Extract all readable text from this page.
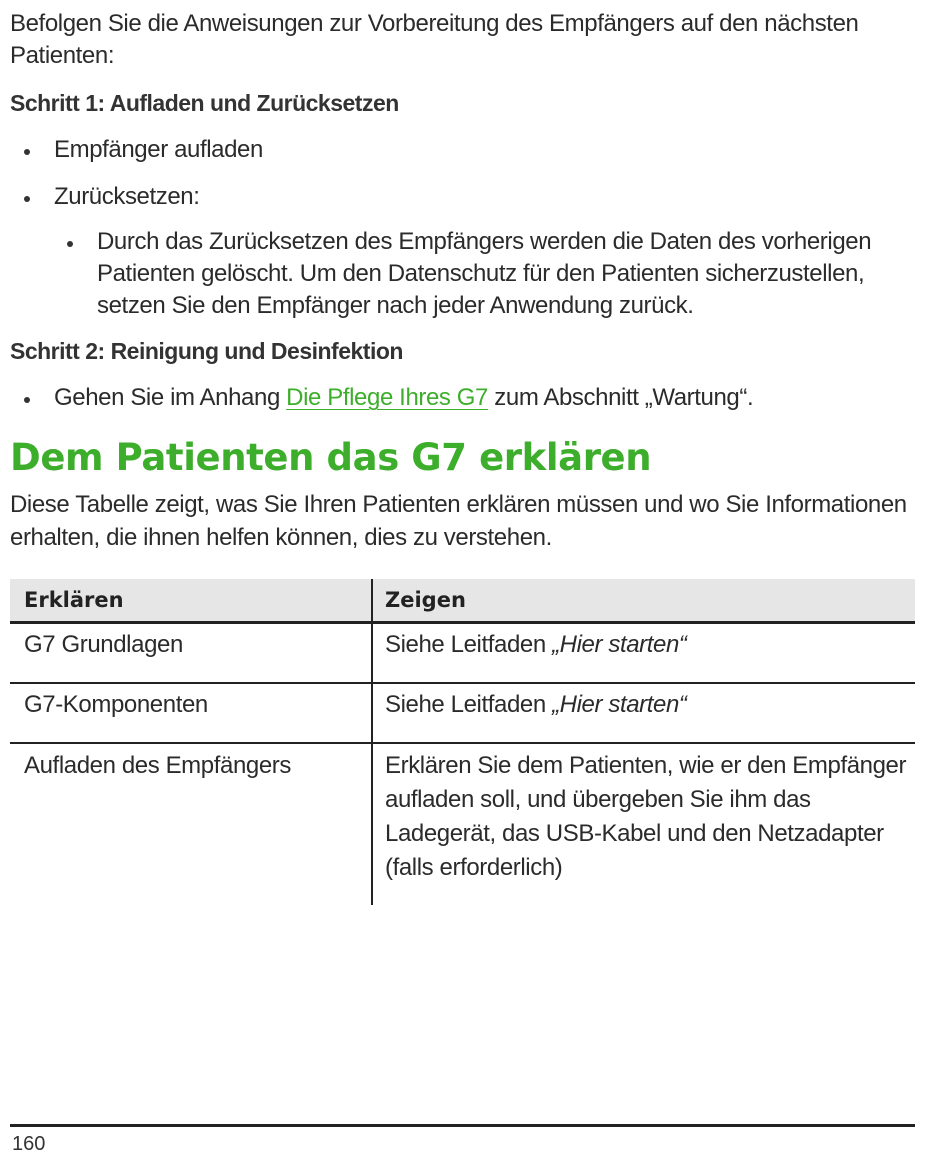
Befolgen Sie die Anweisungen zur Vorbereitung des Empfängers auf den nächsten Patienten:
Schritt 1: Aufladen und Zurücksetzen
Empfänger aufladen
Zurücksetzen:
Durch das Zurücksetzen des Empfängers werden die Daten des vorherigen Patienten gelöscht. Um den Datenschutz für den Patienten sicherzustellen, setzen Sie den Empfänger nach jeder Anwendung zurück.
Schritt 2: Reinigung und Desinfektion
Gehen Sie im Anhang Die Pflege Ihres G7 zum Abschnitt „Wartung“.
Dem Patienten das G7 erklären
Diese Tabelle zeigt, was Sie Ihren Patienten erklären müssen und wo Sie Informationen erhalten, die ihnen helfen können, dies zu verstehen.
Erklären	Zeigen
G7 Grundlagen	Siehe Leitfaden „Hier starten“
G7-Komponenten	Siehe Leitfaden „Hier starten“
Aufladen des Empfängers	Erklären Sie dem Patienten, wie er den Empfänger aufladen soll, und übergeben Sie ihm das Ladegerät, das USB-Kabel und den Netzadapter (falls erforderlich)
160
